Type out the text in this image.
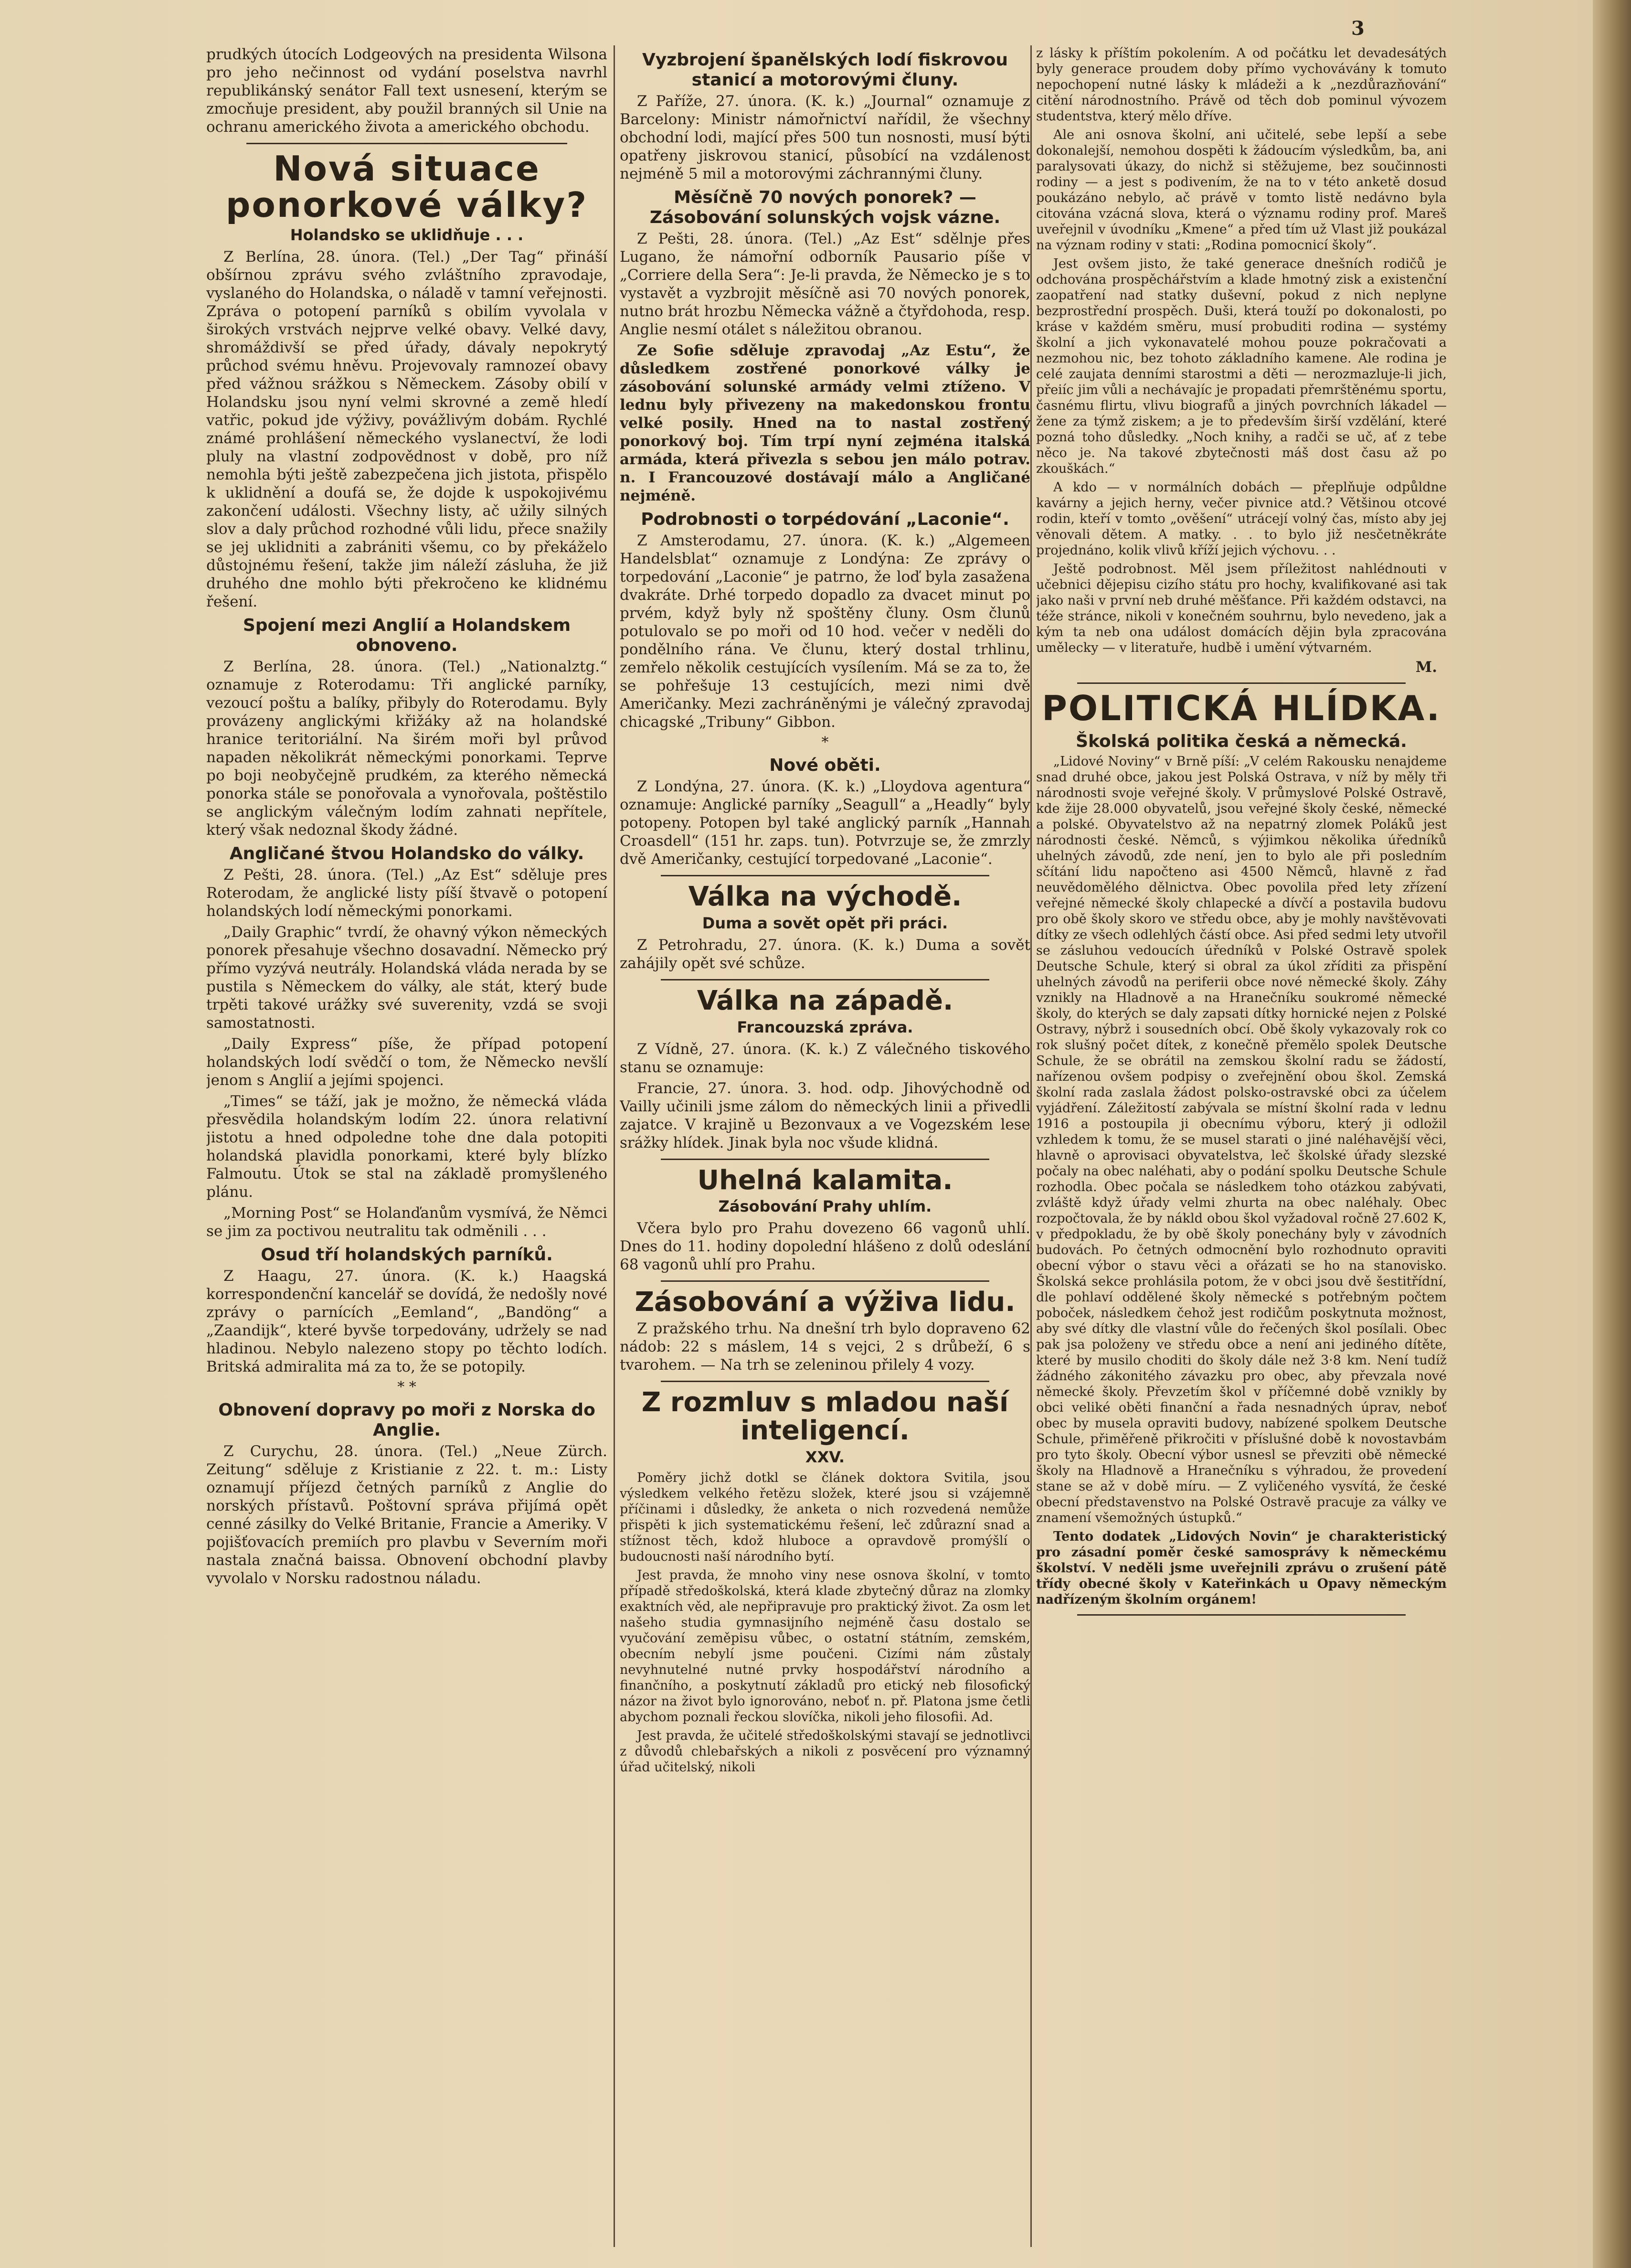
3

prudkých útocích Lodgeových na presidenta Wilsona pro jeho nečinnost od vydání poselstva navrhl republikánský senátor Fall text usnesení, kterým se zmocňuje president, aby použil branných sil Unie na ochranu amerického života a amerického obchodu.

Nová situace ponorkové války?
Holandsko se uklidňuje . . .

Z Berlína, 28. února. (Tel.) „Der Tag“ přináší obšírnou zprávu svého zvláštního zpravodaje, vyslaného do Holandska, o náladě v tamní veřejnosti. Zpráva o potopení parníků s obilím vyvolala v širokých vrstvách nejprve velké obavy. Velké davy, shromáždivší se před úřady, dávaly nepokrytý průchod svému hněvu. Projevovaly ramnozeí obavy před vážnou srážkou s Německem. Zásoby obilí v Holandsku jsou nyní velmi skrovné a země hledí vatřic, pokud jde výživy, povážlivým dobám. Rychlé známé prohlášení německého vyslanectví, že lodi pluly na vlastní zodpovědnost v době, pro níž nemohla býti ještě zabezpečena jich jistota, přispělo k uklidnění a doufá se, že dojde k uspokojivému zakončení události. Všechny listy, ač užily silných slov a daly průchod rozhodné vůli lidu, přece snažily se jej uklidniti a zabrániti všemu, co by překáželo důstojnému řešení, takže jim náleží zásluha, že již druhého dne mohlo býti překročeno ke klidnému řešení.

Spojení mezi Anglií a Holandskem obnoveno.

Z Berlína, 28. února. (Tel.) „Nationalztg.“ oznamuje z Roterodamu: Tři anglické parníky, vezoucí poštu a balíky, přibyly do Roterodamu. Byly provázeny anglickými křižáky až na holandské hranice teritoriální. Na širém moři byl průvod napaden několikrát německými ponorkami. Teprve po boji neobyčejně prudkém, za kterého německá ponorka stále se ponořovala a vynořovala, poštěstilo se anglickým válečným lodím zahnati nepřítele, který však nedoznal škody žádné.

Angličané štvou Holandsko do války.

Z Pešti, 28. února. (Tel.) „Az Est“ sděluje pres Roterodam, že anglické listy píší štvavě o potopení holandských lodí německými ponorkami.

„Daily Graphic“ tvrdí, že ohavný výkon německých ponorek přesahuje všechno dosavadní. Německo prý přímo vyzývá neutrály. Holandská vláda nerada by se pustila s Německem do války, ale stát, který bude trpěti takové urážky své suverenity, vzdá se svoji samostatnosti.

„Daily Express“ píše, že případ potopení holandských lodí svědčí o tom, že Německo nevšlí jenom s Anglií a jejími spojenci.

„Times“ se táží, jak je možno, že německá vláda přesvědila holandským lodím 22. února relativní jistotu a hned odpoledne tohe dne dala potopiti holandská plavidla ponorkami, které byly blízko Falmoutu. Útok se stal na základě promyšleného plánu.

„Morning Post“ se Holanďanům vysmívá, že Němci se jim za poctivou neutralitu tak odměnili . . .

Osud tří holandských parníků.

Z Haagu, 27. února. (K. k.) Haagská korrespondenční kancelář se dovídá, že nedošly nové zprávy o parnících „Eemland“, „Bandöng“ a „Zaandijk“, které byvše torpedovány, udržely se nad hladinou. Nebylo nalezeno stopy po těchto lodích. Britská admiralita má za to, že se potopily.

* *
Obnovení dopravy po moři z Norska do Anglie.

Z Curychu, 28. února. (Tel.) „Neue Zürch. Zeitung“ sděluje z Kristianie z 22. t. m.: Listy oznamují příjezd četných parníků z Anglie do norských přístavů. Poštovní správa přijímá opět cenné zásilky do Velké Britanie, Francie a Ameriky. V pojišťovacích premiích pro plavbu v Severním moři nastala značná baissa. Obnovení obchodní plavby vyvolalo v Norsku radostnou náladu.

Vyzbrojení španělských lodí fiskrovou stanicí a motorovými čluny.

Z Paříže, 27. února. (K. k.) „Journal“ oznamuje z Barcelony: Ministr námořnictví nařídil, že všechny obchodní lodi, mající přes 500 tun nosnosti, musí býti opatřeny jiskrovou stanicí, působící na vzdálenost nejméně 5 mil a motorovými záchrannými čluny.

Měsíčně 70 nových ponorek? — Zásobování solunských vojsk vázne.

Z Pešti, 28. února. (Tel.) „Az Est“ sdělnje přes Lugano, že námořní odborník Pausario píše v „Corriere della Sera“: Je-li pravda, že Německo je s to vystavět a vyzbrojit měsíčně asi 70 nových ponorek, nutno brát hrozbu Německa vážně a čtyřdohoda, resp. Anglie nesmí otálet s náležitou obranou.

Ze Sofie sděluje zpravodaj „Az Estu“, že důsledkem zostřené ponorkové války je zásobování solunské armády velmi ztíženo. V lednu byly přivezeny na makedonskou frontu velké posily. Hned na to nastal zostřený ponorkový boj. Tím trpí nyní zejména italská armáda, která přivezla s sebou jen málo potrav. n. I Francouzové dostávají málo a Angličané nejméně.

Podrobnosti o torpédování „Laconie“.

Z Amsterodamu, 27. února. (K. k.) „Algemeen Handelsblat“ oznamuje z Londýna: Ze zprávy o torpedování „Laconie“ je patrno, že loď byla zasažena dvakráte. Drhé torpedo dopadlo za dvacet minut po prvém, když byly nž spoštěny čluny. Osm člunů potulovalo se po moři od 10 hod. večer v neděli do pondělního rána. Ve člunu, který dostal trhlinu, zemřelo několik cestujících vysílením. Má se za to, že se pohřešuje 13 cestujících, mezi nimi dvě Američanky. Mezi zachráněnými je válečný zpravodaj chicagské „Tribuny“ Gibbon.

*
Nové oběti.

Z Londýna, 27. února. (K. k.) „Lloydova agentura“ oznamuje: Anglické parníky „Seagull“ a „Headly“ byly potopeny. Potopen byl také anglický parník „Hannah Croasdell“ (151 hr. zaps. tun). Potvrzuje se, že zmrzly dvě Američanky, cestující torpedované „Laconie“.

Válka na východě.
Duma a sovět opět při práci.

Z Petrohradu, 27. února. (K. k.) Duma a sovět zahájily opět své schůze.

Válka na západě.
Francouzská zpráva.

Z Vídně, 27. února. (K. k.) Z válečného tiskového stanu se oznamuje:

Francie, 27. února. 3. hod. odp. Jihovýchodně od Vailly učinili jsme zálom do německých linii a přivedli zajatce. V krajině u Bezonvaux a ve Vogezském lese srážky hlídek. Jinak byla noc všude klidná.

Uhelná kalamita.
Zásobování Prahy uhlím.

Včera bylo pro Prahu dovezeno 66 vagonů uhlí. Dnes do 11. hodiny dopolední hlášeno z dolů odeslání 68 vagonů uhlí pro Prahu.

Zásobování a výživa lidu.

Z pražského trhu. Na dnešní trh bylo dopraveno 62 nádob: 22 s máslem, 14 s vejci, 2 s drůbeží, 6 s tvarohem. — Na trh se zeleninou přilely 4 vozy.

Z rozmluv s mladou naší inteligencí.
XXV.

Poměry jichž dotkl se článek doktora Svitila, jsou výsledkem velkého řetězu složek, které jsou si vzájemně příčinami i důsledky, že anketa o nich rozvedená nemůže přispěti k jich systematickému řešení, leč zdůrazní snad a stížnost těch, kdož hlubocе a opravdově promýšlí o budoucnosti naší národního bytí.

Jest pravda, že mnoho viny nese osnova školní, v tomto případě středoškolská, která klade zbytečný důraz na zlomky exaktních věd, ale nepřipravuje pro praktický život. Za osm let našeho studia gymnasijního nejméně času dostalo se vyučování zeměpisu vůbec, o ostatní státním, zemském, obecním nebylí jsme poučeni. Cizími nám zůstaly nevyhnutelné nutné prvky hospodářství národního a finančního, a poskytnutí základů pro etický neb filosofický názor na život bylo ignorováno, neboť n. př. Platona jsme četli abychom poznali řeckou slovíčka, nikoli jeho filosofii. Ad.

Jest pravda, že učitelé středoškolskými stavají se jednotlivci z důvodů chlebařských a nikoli z posvěcení pro významný úřad učitelský, nikoli

z lásky k příštím pokolením. A od počátku let devadesátých byly generace proudem doby přímo vychovávány k tomuto nepochopení nutné lásky k mládeži a k „nezdůrazňování“ citění národnostního. Právě od těch dob pominul vývozem studentstva, který mělo dříve.

Ale ani osnova školní, ani učitelé, sebe lepší a sebe dokonalejší, nemohou dospěti k žádoucím výsledkům, ba, ani paralysovati úkazy, do nichž si stěžujeme, bez součinnosti rodiny — a jest s podivením, že na to v této anketě dosud poukázáno nebylo, ač právě v tomto listě nedávno byla citována vzácná slova, která o významu rodiny prof. Mareš uveřejnil v úvodníku „Kmene“ a před tím už Vlast již poukázal na význam rodiny v stati: „Rodina pomocnicí školy“.

Jest ovšem jisto, že také generace dnešních rodičů je odchována prospěchářstvím a klade hmotný zisk a existenční zaopatření nad statky duševní, pokud z nich neplyne bezprostřední prospěch. Duši, která touží po dokonalosti, po kráse v každém směru, musí probuditi rodina — systémy školní a jich vykonavatelé mohou pouze pokračovati a nezmohou nic, bez tohoto základního kamene. Ale rodina je celé zaujata denními starostmi a děti — nerozmazluje-li jich, přeiíc jim vůli a nechávajíc je propadati přemrštěnému sportu, časnému flirtu, vlivu biografů a jiných povrchních lákadel — žene za týmž ziskem; a je to především širší vzdělání, které pozná toho důsledky. „Noch knihy, a radči se uč, ať z tebe něco je. Na takové zbytečnosti máš dost času až po zkouškách.“

A kdo — v normálních dobách — přeplňuje odpůldne kavárny a jejich herny, večer pivnice atd.? Většinou otcové rodin, kteří v tomto „ověšení“ utrácejí volný čas, místo aby jej věnovali dětem. A matky. . . to bylo již nesčetněkráte projednáno, kolik vlivů kříží jejich výchovu. . .

Ještě podrobnost. Měl jsem příležitost nahlédnouti v učebnici dějepisu cizího státu pro hochy, kvalifikované asi tak jako naši v první neb druhé měšťance. Při každém odstavci, na téže stránce, nikoli v konečném souhrnu, bylo nevedeno, jak a kým ta neb ona událost domácích dějin byla zpracována umělecky — v literatuře, hudbě i umění výtvarném.

M.
POLITICKÁ HLÍDKA.
Školská politika česká a německá.

„Lidové Noviny“ v Brně píší: „V celém Rakousku nenajdeme snad druhé obce, jakou jest Polská Ostrava, v níž by měly tři národnosti svoje veřejné školy. V průmyslové Polské Ostravě, kde žije 28.000 obyvatelů, jsou veřejné školy české, německé a polské. Obyvatelstvo až na nepatrný zlomek Poláků jest národnosti české. Němců, s výjimkou několika úředníků uhelných závodů, zde není, jen to bylo ale při posledním sčítání lidu napočteno asi 4500 Němců, hlavně z řad neuvědomělého dělnictva. Obec povolila před lety zřízení veřejné německé školy chlapecké a dívčí a postavila budovu pro obě školy skoro ve středu obce, aby je mohly navštěvovati dítky ze všech odlehlých částí obce. Asi před sedmi lety utvořil se zásluhou vedoucích úředníků v Polské Ostravě spolek Deutsche Schule, který si obral za úkol zříditi za přispění uhelných závodů na periferii obce nové německé školy. Záhy vznikly na Hladnově a na Hranečníku soukromé německé školy, do kterých se daly zapsati dítky hornické nejen z Polské Ostravy, nýbrž i sousedních obcí. Obě školy vykazovaly rok co rok slušný počet dítek, z konečně přemělo spolek Deutsche Schule, že se obrátil na zemskou školní radu se žádostí, nařízenou ovšem podpisy o zveřejnění obou škol. Zemská školní rada zaslala žádost polsko-ostravské obci za účelem vyjádření. Záležitostí zabývala se místní školní rada v lednu 1916 a postoupila ji obecnímu výboru, který ji odložil vzhledem k tomu, že se musel starati o jiné naléhavější věci, hlavně o aprovisaci obyvatelstva, leč školské úřady slezské počaly na obec naléhati, aby o podání spolku Deutsche Schule rozhodla. Obec počala se následkem toho otázkou zabývati, zvláště když úřady velmi zhurta na obec naléhaly. Obec rozpočtovala, že by nákld obou škol vyžadoval ročně 27.602 K, v předpokladu, že by obě školy ponechány byly v závodních budovách. Po četných odmocnění bylo rozhodnuto opraviti obecní výbor o stavu věci a ořázati se ho na stanovisko. Školská sekce prohlásila potom, že v obci jsou dvě šestitřídní, dle pohlaví oddělené školy německé s potřebným počtem poboček, následkem čehož jest rodičům poskytnuta možnost, aby své dítky dle vlastní vůle do řečených škol posílali. Obec pak jsa položeny ve středu obce a není ani jediného dítěte, které by musilo choditi do školy dále než 3·8 km. Není tudíž žádného zákonitého závazku pro obec, aby převzala nové německé školy. Převzetím škol v příčemné době vznikly by obci veliké oběti finanční a řada nesnadných úprav, neboť obec by musela opraviti budovy, nabízené spolkem Deutsche Schule, přiměřeně přikročiti v příslušné době k novostavbám pro tyto školy. Obecní výbor usnesl se převziti obě německé školy na Hladnově a Hranečníku s výhradou, že provedení stane se až v době míru. — Z vyličeného vysvítá, že české obecní představenstvo na Polské Ostravě pracuje za války ve znamení všemožných ústupků.“

Tento dodatek „Lidových Novin“ je charakteristický pro zásadní poměr české samosprávy k německému školství. V neděli jsme uveřejnili zprávu o zrušení pátě třídy obecné školy v Kateřinkách u Opavy německým nadřízeným školním orgánem!
